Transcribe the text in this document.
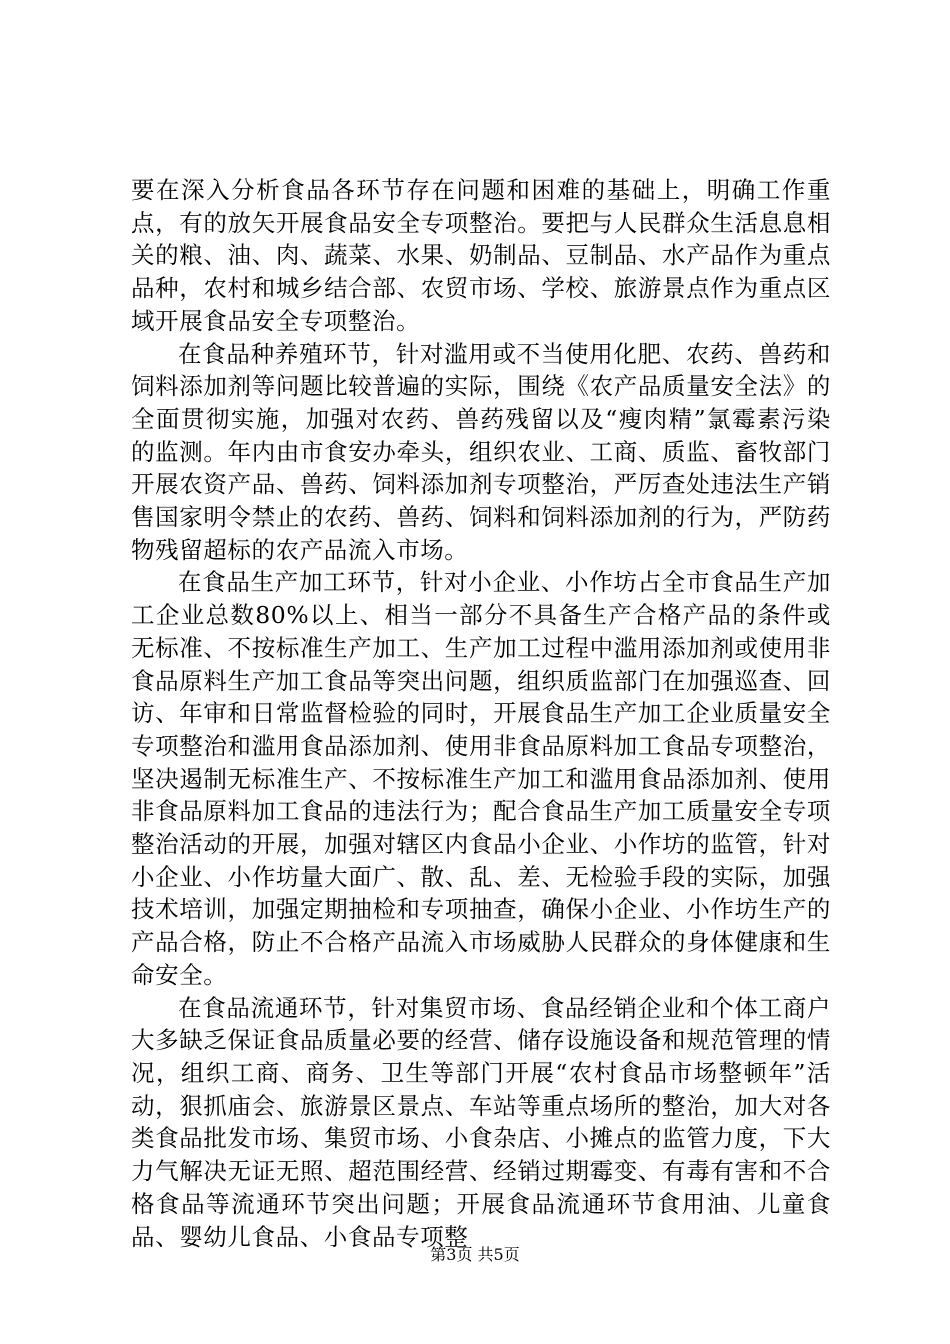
要在深入分析食品各环节存在问题和困难的基础上，明确工作重点，有的放矢开展食品安全专项整治。要把与人民群众生活息息相关的粮、油、肉、蔬菜、水果、奶制品、豆制品、水产品作为重点品种，农村和城乡结合部、农贸市场、学校、旅游景点作为重点区域开展食品安全专项整治。

在食品种养殖环节，针对滥用或不当使用化肥、农药、兽药和饲料添加剂等问题比较普遍的实际，围绕《农产品质量安全法》的全面贯彻实施，加强对农药、兽药残留以及“瘦肉精”氯霉素污染的监测。年内由市食安办牵头，组织农业、工商、质监、畜牧部门开展农资产品、兽药、饲料添加剂专项整治，严厉查处违法生产销售国家明令禁止的农药、兽药、饲料和饲料添加剂的行为，严防药物残留超标的农产品流入市场。

在食品生产加工环节，针对小企业、小作坊占全市食品生产加工企业总数80%以上、相当一部分不具备生产合格产品的条件或无标准、不按标准生产加工、生产加工过程中滥用添加剂或使用非食品原料生产加工食品等突出问题，组织质监部门在加强巡查、回访、年审和日常监督检验的同时，开展食品生产加工企业质量安全专项整治和滥用食品添加剂、使用非食品原料加工食品专项整治，坚决遏制无标准生产、不按标准生产加工和滥用食品添加剂、使用非食品原料加工食品的违法行为；配合食品生产加工质量安全专项整治活动的开展，加强对辖区内食品小企业、小作坊的监管，针对小企业、小作坊量大面广、散、乱、差、无检验手段的实际，加强技术培训，加强定期抽检和专项抽查，确保小企业、小作坊生产的产品合格，防止不合格产品流入市场威胁人民群众的身体健康和生命安全。

在食品流通环节，针对集贸市场、食品经销企业和个体工商户大多缺乏保证食品质量必要的经营、储存设施设备和规范管理的情况，组织工商、商务、卫生等部门开展“农村食品市场整顿年”活动，狠抓庙会、旅游景区景点、车站等重点场所的整治，加大对各类食品批发市场、集贸市场、小食杂店、小摊点的监管力度，下大力气解决无证无照、超范围经营、经销过期霉变、有毒有害和不合格食品等流通环节突出问题；开展食品流通环节食用油、儿童食品、婴幼儿食品、小食品专项整

第3页 共5页
